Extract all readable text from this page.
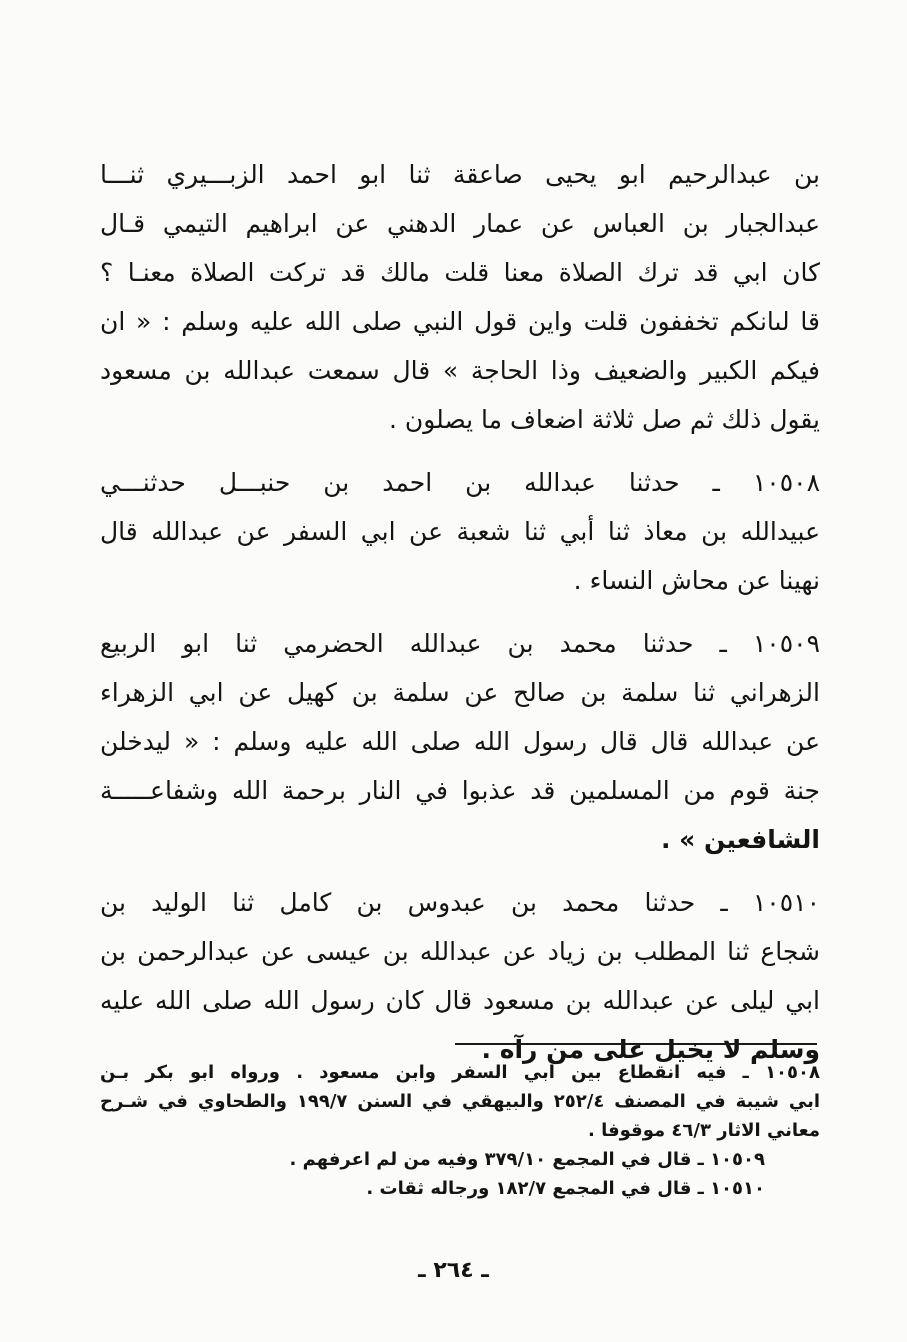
بن عبدالرحيم ابو يحيى صاعقة ثنا ابو احمد الزبـــيري ثنـــا
عبدالجبار بن العباس عن عمار الدهني عن ابراهيم التيمي قـال
كان ابي قد ترك الصلاة معنا قلت مالك قد تركت الصلاة معنـا ؟
قا لىانكم تخففون قلت واين قول النبي صلى الله عليه وسلم : « ان
فيكم الكبير والضعيف وذا الحاجة » قال سمعت عبدالله بن مسعود
يقول ذلك ثم صل ثلاثة اضعاف ما يصلون .
١٠٥٠٨ ـ حدثنا عبدالله بن احمد بن حنبـــل حدثنـــي
عبيدالله بن معاذ ثنا أبي ثنا شعبة عن ابي السفر عن عبدالله قال
نهينا عن محاش النساء .
١٠٥٠٩ ـ حدثنا محمد بن عبدالله الحضرمي ثنا ابو الربيع
الزهراني ثنا سلمة بن صالح عن سلمة بن كهيل عن ابي الزهراء
عن عبدالله قال قال رسول الله صلى الله عليه وسلم : « ليدخلن
جنة قوم من المسلمين قد عذبوا في النار برحمة الله وشفاعـــــة
الشافعين » .
١٠٥١٠ ـ حدثنا محمد بن عبدوس بن كامل ثنا الوليد بن
شجاع ثنا المطلب بن زياد عن عبدالله بن عيسى عن عبدالرحمن بن
ابي ليلى عن عبدالله بن مسعود قال كان رسول الله صلى الله عليه
وسلم لا يخيل على من رآه .
١٠٥٠٨ ـ فيه انقطاع بين ابي السفر وابن مسعود . ورواه ابو بكر بـن
ابي شيبة في المصنف ٢٥٢/٤ والبيهقي في السنن ١٩٩/٧ والطحاوي في شـرح
معاني الاثار ٤٦/٣ موقوفا .
١٠٥٠٩ ـ قال في المجمع ٣٧٩/١٠ وفيه من لم اعرفهم .
١٠٥١٠ ـ قال في المجمع ١٨٢/٧ ورجاله ثقات .
ـ ٢٦٤ ـ
